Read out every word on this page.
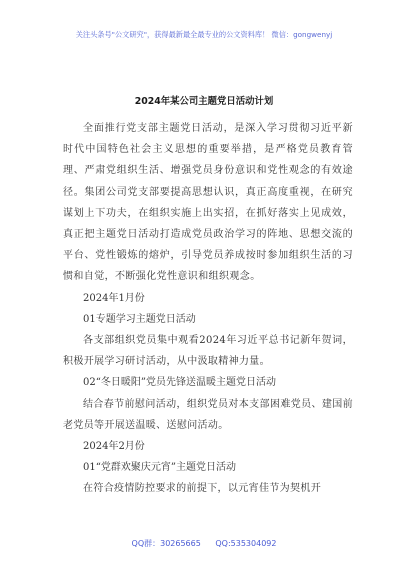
关注头条号"公文研究"，获得最新最全最专业的公文资料库！ 微信：gongwenyj
2024年某公司主题党日活动计划

全面推行党支部主题党日活动，是深入学习贯彻习近平新时代中国特色社会主义思想的重要举措，是严格党员教育管理、严肃党组织生活、增强党员身份意识和党性观念的有效途径。集团公司党支部要提高思想认识，真正高度重视，在研究谋划上下功夫，在组织实施上出实招，在抓好落实上见成效，真正把主题党日活动打造成党员政治学习的阵地、思想交流的平台、党性锻炼的熔炉，引导党员养成按时参加组织生活的习惯和自觉，不断强化党性意识和组织观念。

2024年1月份

01专题学习主题党日活动

各支部组织党员集中观看2024年习近平总书记新年贺词，积极开展学习研讨活动，从中汲取精神力量。

02“冬日暖阳”党员先锋送温暖主题党日活动

结合春节前慰问活动，组织党员对本支部困难党员、建国前老党员等开展送温暖、送慰问活动。

2024年2月份

01“党群欢聚庆元宵”主题党日活动

在符合疫情防控要求的前提下，以元宵佳节为契机开

QQ群：30265665 QQ:535304092
